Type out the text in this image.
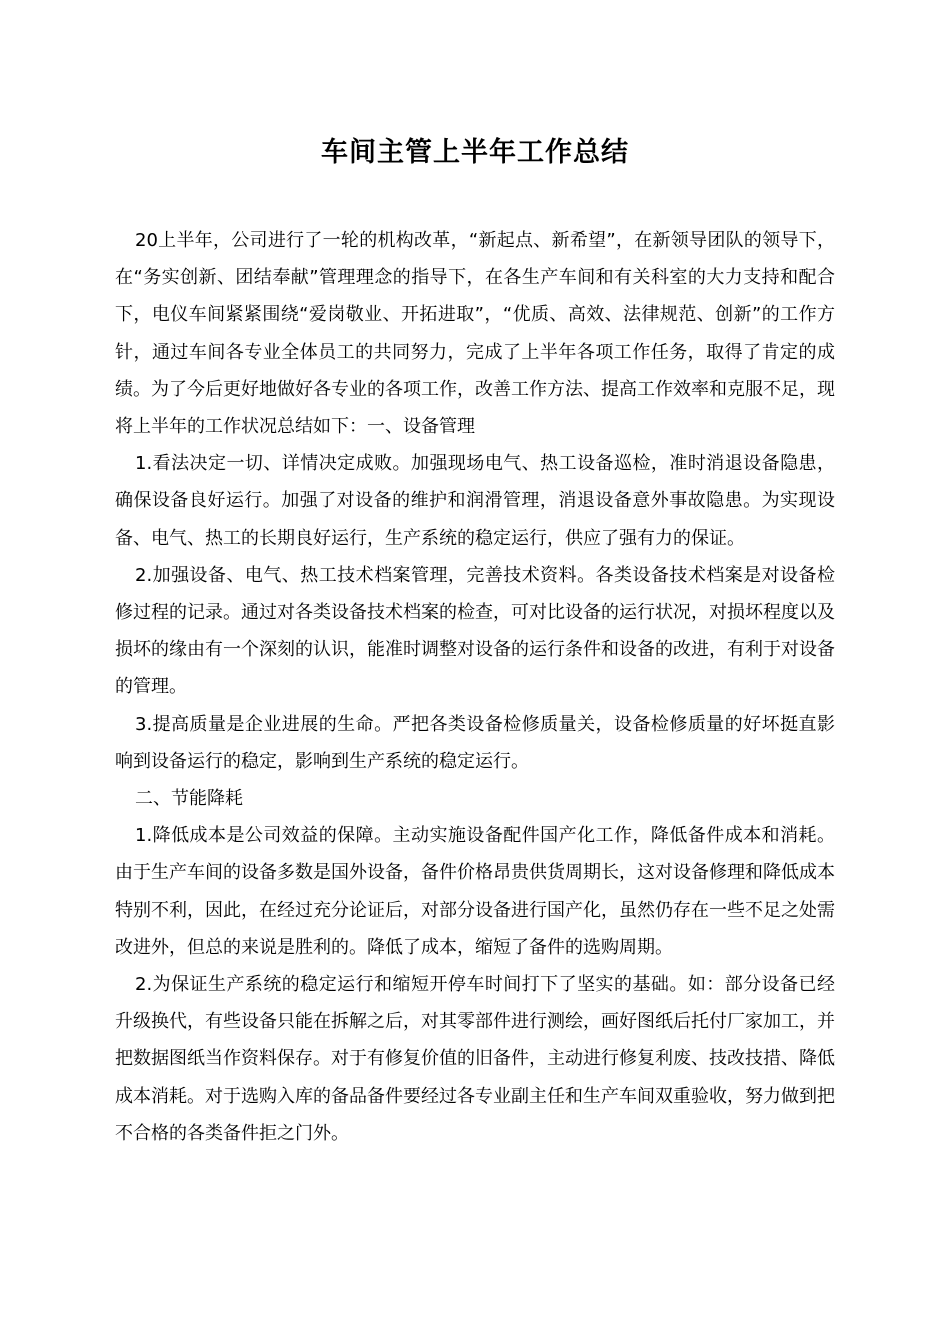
车间主管上半年工作总结

20上半年，公司进行了一轮的机构改革，“新起点、新希望”，在新领导团队的领导下，在“务实创新、团结奉献”管理理念的指导下，在各生产车间和有关科室的大力支持和配合下，电仪车间紧紧围绕“爱岗敬业、开拓进取”，“优质、高效、法律规范、创新”的工作方针，通过车间各专业全体员工的共同努力，完成了上半年各项工作任务，取得了肯定的成绩。为了今后更好地做好各专业的各项工作，改善工作方法、提高工作效率和克服不足，现将上半年的工作状况总结如下：一、设备管理

1.看法决定一切、详情决定成败。加强现场电气、热工设备巡检，准时消退设备隐患，确保设备良好运行。加强了对设备的维护和润滑管理，消退设备意外事故隐患。为实现设备、电气、热工的长期良好运行，生产系统的稳定运行，供应了强有力的保证。

2.加强设备、电气、热工技术档案管理，完善技术资料。各类设备技术档案是对设备检修过程的记录。通过对各类设备技术档案的检查，可对比设备的运行状况，对损坏程度以及损坏的缘由有一个深刻的认识，能准时调整对设备的运行条件和设备的改进，有利于对设备的管理。

3.提高质量是企业进展的生命。严把各类设备检修质量关，设备检修质量的好坏挺直影响到设备运行的稳定，影响到生产系统的稳定运行。

二、节能降耗

1.降低成本是公司效益的保障。主动实施设备配件国产化工作，降低备件成本和消耗。由于生产车间的设备多数是国外设备，备件价格昂贵供货周期长，这对设备修理和降低成本特别不利，因此，在经过充分论证后，对部分设备进行国产化，虽然仍存在一些不足之处需改进外，但总的来说是胜利的。降低了成本，缩短了备件的选购周期。

2.为保证生产系统的稳定运行和缩短开停车时间打下了坚实的基础。如：部分设备已经升级换代，有些设备只能在拆解之后，对其零部件进行测绘，画好图纸后托付厂家加工，并把数据图纸当作资料保存。对于有修复价值的旧备件，主动进行修复利废、技改技措、降低成本消耗。对于选购入库的备品备件要经过各专业副主任和生产车间双重验收，努力做到把不合格的各类备件拒之门外。
